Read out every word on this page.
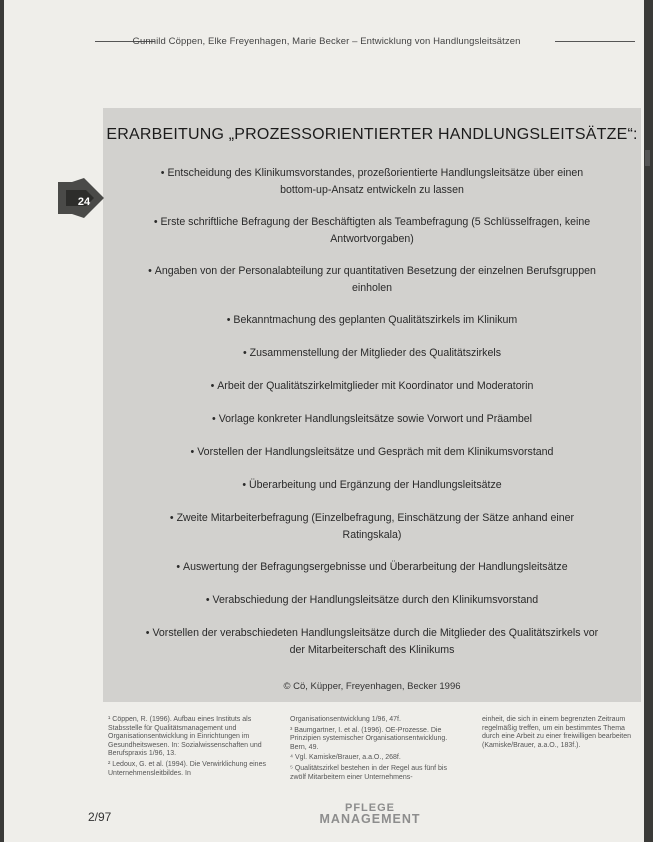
Gunnild Cöppen, Elke Freyenhagen, Marie Becker – Entwicklung von Handlungsleitsätzen
24
ERARBEITUNG „PROZESSORIENTIERTER HANDLUNGSLEITSÄTZE“:
• Entscheidung des Klinikumsvorstandes, prozeßorientierte Handlungsleitsätze über einen bottom-up-Ansatz entwickeln zu lassen
• Erste schriftliche Befragung der Beschäftigten als Teambefragung (5 Schlüsselfragen, keine Antwortvorgaben)
• Angaben von der Personalabteilung zur quantitativen Besetzung der einzelnen Berufsgruppen einholen
• Bekanntmachung des geplanten Qualitätszirkels im Klinikum
• Zusammenstellung der Mitglieder des Qualitätszirkels
• Arbeit der Qualitätszirkelmitglieder mit Koordinator und Moderatorin
• Vorlage konkreter Handlungsleitsätze sowie Vorwort und Präambel
• Vorstellen der Handlungsleitsätze und Gespräch mit dem Klinikumsvorstand
• Überarbeitung und Ergänzung der Handlungsleitsätze
• Zweite Mitarbeiterbefragung (Einzelbefragung, Einschätzung der Sätze anhand einer Ratingskala)
• Auswertung der Befragungsergebnisse und Überarbeitung der Handlungsleitsätze
• Verabschiedung der Handlungsleitsätze durch den Klinikumsvorstand
• Vorstellen der verabschiedeten Handlungsleitsätze durch die Mitglieder des Qualitätszirkels vor der Mitarbeiterschaft des Klinikums
© Cö, Küpper, Freyenhagen, Becker 1996

¹ Cöppen, R. (1996). Aufbau eines Instituts als Stabsstelle für Qualitätsmanagement und Organisationsentwicklung in Einrichtungen im Gesundheitswesen. In: Sozialwissenschaften und Berufspraxis 1/96, 13.

² Ledoux, G. et al. (1994). Die Verwirklichung eines Unternehmensleitbildes. In

Organisationsentwicklung 1/96, 47f.

³ Baumgartner, I. et al. (1996). OE-Prozesse. Die Prinzipien systemischer Organisationsentwicklung. Bern, 49.

⁴ Vgl. Kamiske/Brauer, a.a.O., 268f.

⁵ Qualitätszirkel bestehen in der Regel aus fünf bis zwölf Mitarbeitern einer Unternehmens-

einheit, die sich in einem begrenzten Zeitraum regelmäßig treffen, um ein bestimmtes Thema durch eine Arbeit zu einer freiwilligen bearbeiten (Kamiske/Brauer, a.a.O., 183f.).

2/97
PFLEGE
MANAGEMENT
